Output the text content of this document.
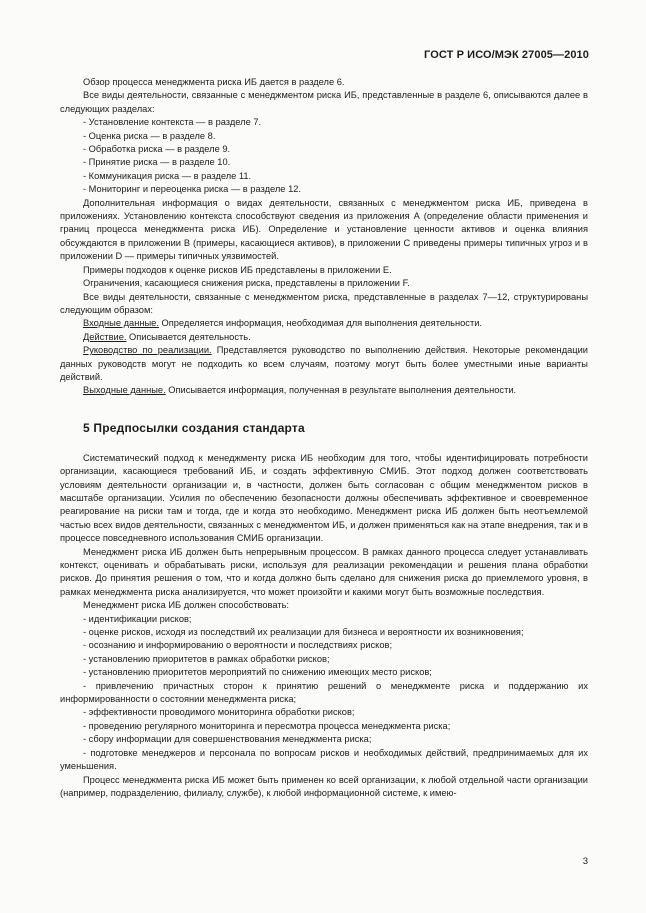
ГОСТ Р ИСО/МЭК 27005—2010

Обзор процесса менеджмента риска ИБ дается в разделе 6.

Все виды деятельности, связанные с менеджментом риска ИБ, представленные в разделе 6, описываются далее в следующих разделах:

- Установление контекста — в разделе 7.

- Оценка риска — в разделе 8.

- Обработка риска — в разделе 9.

- Принятие риска — в разделе 10.

- Коммуникация риска — в разделе 11.

- Мониторинг и переоценка риска — в разделе 12.

Дополнительная информация о видах деятельности, связанных с менеджментом риска ИБ, приведена в приложениях. Установлению контекста способствуют сведения из приложения А (определение области применения и границ процесса менеджмента риска ИБ). Определение и установление ценности активов и оценка влияния обсуждаются в приложении В (примеры, касающиеся активов), в приложении С приведены примеры типичных угроз и в приложении D — примеры типичных уязвимостей.

Примеры подходов к оценке рисков ИБ представлены в приложении Е.

Ограничения, касающиеся снижения риска, представлены в приложении F.

Все виды деятельности, связанные с менеджментом риска, представленные в разделах 7—12, структурированы следующим образом:

Входные данные. Определяется информация, необходимая для выполнения деятельности.

Действие. Описывается деятельность.

Руководство по реализации. Представляется руководство по выполнению действия. Некоторые рекомендации данных руководств могут не подходить ко всем случаям, поэтому могут быть более уместными иные варианты действий.

Выходные данные. Описывается информация, полученная в результате выполнения деятельности.

5 Предпосылки создания стандарта

Систематический подход к менеджменту риска ИБ необходим для того, чтобы идентифицировать потребности организации, касающиеся требований ИБ, и создать эффективную СМИБ. Этот подход должен соответствовать условиям деятельности организации и, в частности, должен быть согласован с общим менеджментом рисков в масштабе организации. Усилия по обеспечению безопасности должны обеспечивать эффективное и своевременное реагирование на риски там и тогда, где и когда это необходимо. Менеджмент риска ИБ должен быть неотъемлемой частью всех видов деятельности, связанных с менеджментом ИБ, и должен применяться как на этапе внедрения, так и в процессе повседневного использования СМИБ организации.

Менеджмент риска ИБ должен быть непрерывным процессом. В рамках данного процесса следует устанавливать контекст, оценивать и обрабатывать риски, используя для реализации рекомендации и решения плана обработки рисков. До принятия решения о том, что и когда должно быть сделано для снижения риска до приемлемого уровня, в рамках менеджмента риска анализируется, что может произойти и какими могут быть возможные последствия.

Менеджмент риска ИБ должен способствовать:

- идентификации рисков;

- оценке рисков, исходя из последствий их реализации для бизнеса и вероятности их возникновения;

- осознанию и информированию о вероятности и последствиях рисков;

- установлению приоритетов в рамках обработки рисков;

- установлению приоритетов мероприятий по снижению имеющих место рисков;

- привлечению причастных сторон к принятию решений о менеджменте риска и поддержанию их информированности о состоянии менеджмента риска;

- эффективности проводимого мониторинга обработки рисков;

- проведению регулярного мониторинга и пересмотра процесса менеджмента риска;

- сбору информации для совершенствования менеджмента риска;

- подготовке менеджеров и персонала по вопросам рисков и необходимых действий, предпринимаемых для их уменьшения.

Процесс менеджмента риска ИБ может быть применен ко всей организации, к любой отдельной части организации (например, подразделению, филиалу, службе), к любой информационной системе, к имею-

3
